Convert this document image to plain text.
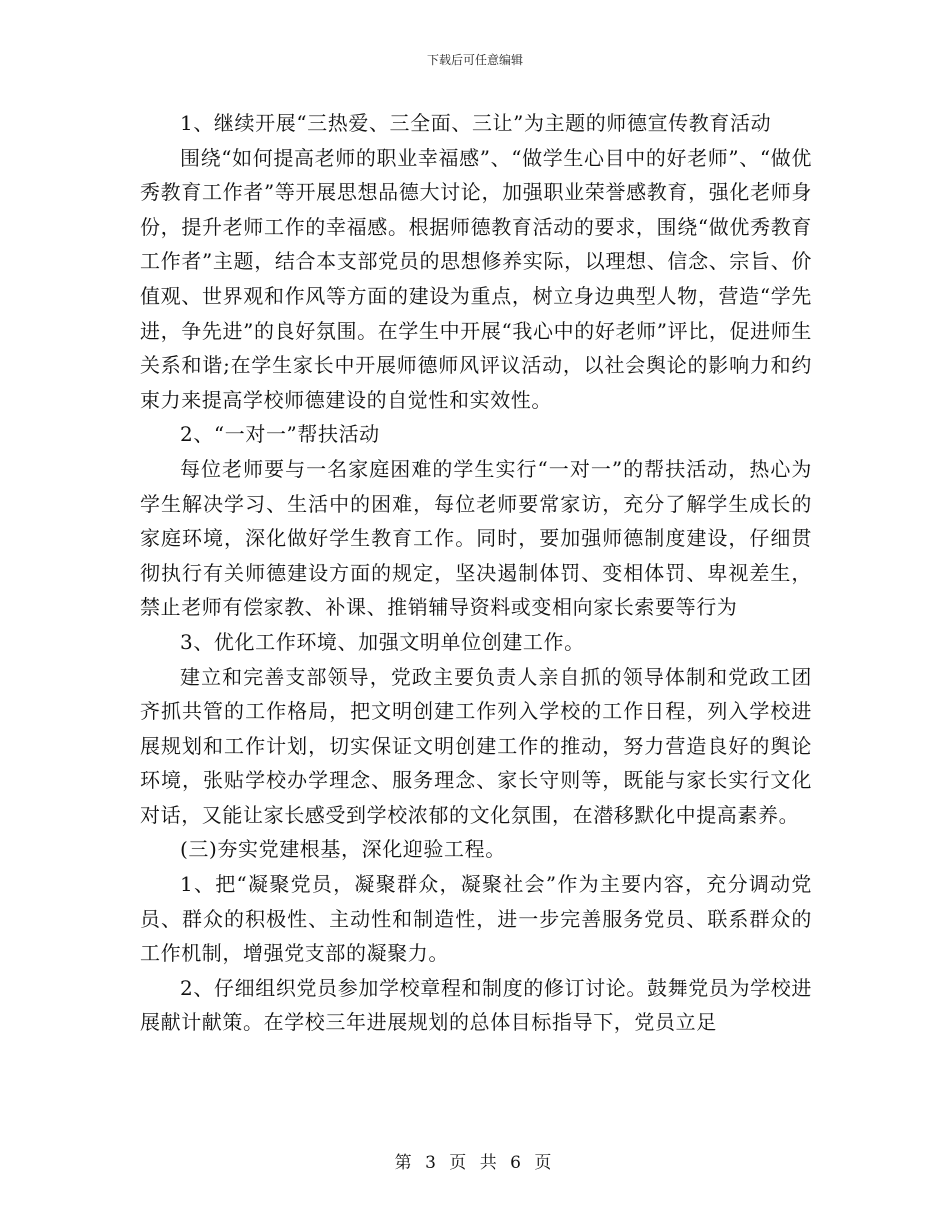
下载后可任意编辑

1、继续开展“三热爱、三全面、三让”为主题的师德宣传教育活动

围绕“如何提高老师的职业幸福感”、“做学生心目中的好老师”、“做优秀教育工作者”等开展思想品德大讨论，加强职业荣誉感教育，强化老师身份，提升老师工作的幸福感。根据师德教育活动的要求，围绕“做优秀教育工作者”主题，结合本支部党员的思想修养实际，以理想、信念、宗旨、价值观、世界观和作风等方面的建设为重点，树立身边典型人物，营造“学先进，争先进”的良好氛围。在学生中开展“我心中的好老师”评比，促进师生关系和谐;在学生家长中开展师德师风评议活动，以社会舆论的影响力和约束力来提高学校师德建设的自觉性和实效性。

2、“一对一”帮扶活动

每位老师要与一名家庭困难的学生实行“一对一”的帮扶活动，热心为学生解决学习、生活中的困难，每位老师要常家访，充分了解学生成长的家庭环境，深化做好学生教育工作。同时，要加强师德制度建设，仔细贯彻执行有关师德建设方面的规定，坚决遏制体罚、变相体罚、卑视差生，禁止老师有偿家教、补课、推销辅导资料或变相向家长索要等行为

3、优化工作环境、加强文明单位创建工作。

建立和完善支部领导，党政主要负责人亲自抓的领导体制和党政工团齐抓共管的工作格局，把文明创建工作列入学校的工作日程，列入学校进展规划和工作计划，切实保证文明创建工作的推动，努力营造良好的舆论环境，张贴学校办学理念、服务理念、家长守则等，既能与家长实行文化对话，又能让家长感受到学校浓郁的文化氛围，在潜移默化中提高素养。

(三)夯实党建根基，深化迎验工程。

1、把“凝聚党员，凝聚群众，凝聚社会”作为主要内容，充分调动党员、群众的积极性、主动性和制造性，进一步完善服务党员、联系群众的工作机制，增强党支部的凝聚力。

2、仔细组织党员参加学校章程和制度的修订讨论。鼓舞党员为学校进展献计献策。在学校三年进展规划的总体目标指导下，党员立足

第 3 页 共 6 页
